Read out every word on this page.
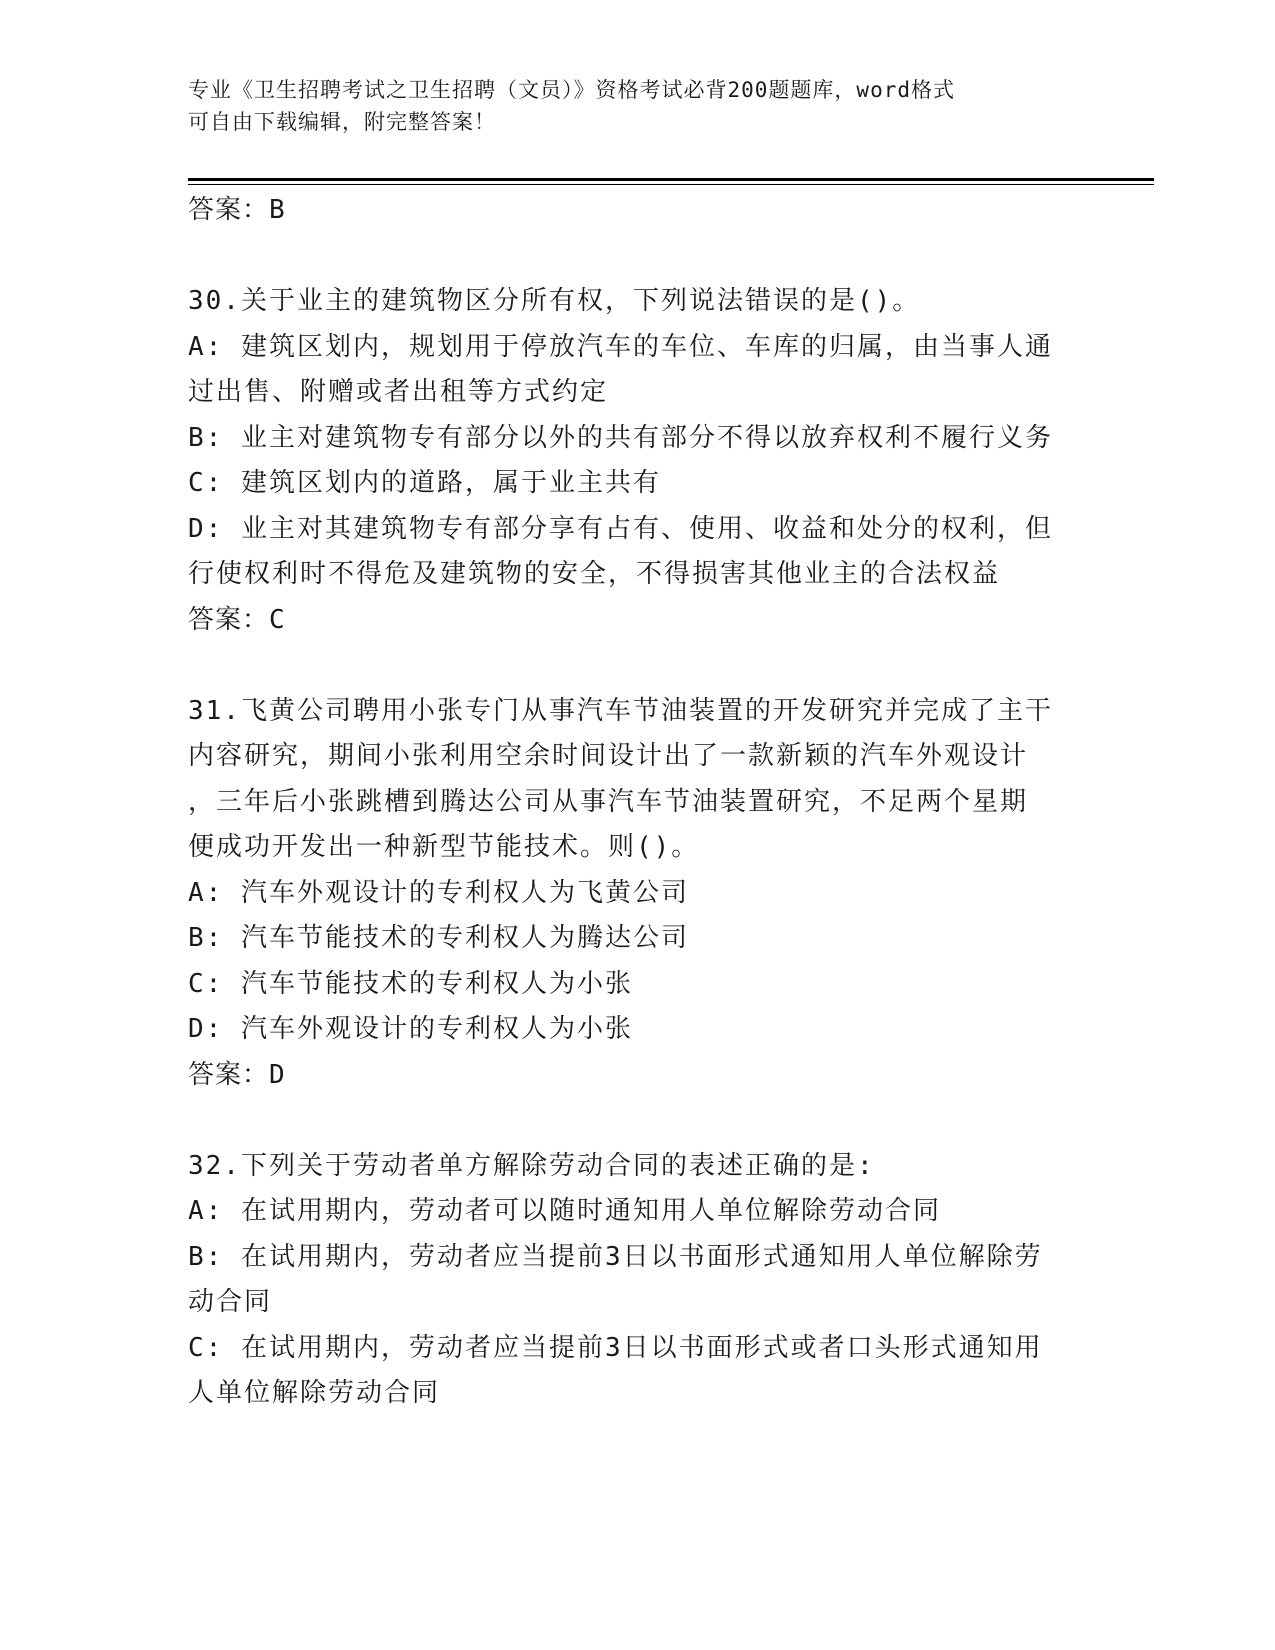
专业《卫生招聘考试之卫生招聘（文员）》资格考试必背200题题库，word格式
可自由下载编辑，附完整答案！
答案：B
30.关于业主的建筑物区分所有权，下列说法错误的是()。
A: 建筑区划内，规划用于停放汽车的车位、车库的归属，由当事人通
过出售、附赠或者出租等方式约定
B: 业主对建筑物专有部分以外的共有部分不得以放弃权利不履行义务
C: 建筑区划内的道路，属于业主共有
D: 业主对其建筑物专有部分享有占有、使用、收益和处分的权利，但
行使权利时不得危及建筑物的安全，不得损害其他业主的合法权益
答案：C
31.飞黄公司聘用小张专门从事汽车节油装置的开发研究并完成了主干
内容研究，期间小张利用空余时间设计出了一款新颖的汽车外观设计
，三年后小张跳槽到腾达公司从事汽车节油装置研究，不足两个星期
便成功开发出一种新型节能技术。则()。
A: 汽车外观设计的专利权人为飞黄公司
B: 汽车节能技术的专利权人为腾达公司
C: 汽车节能技术的专利权人为小张
D: 汽车外观设计的专利权人为小张
答案：D
32.下列关于劳动者单方解除劳动合同的表述正确的是:
A: 在试用期内，劳动者可以随时通知用人单位解除劳动合同
B: 在试用期内，劳动者应当提前3日以书面形式通知用人单位解除劳
动合同
C: 在试用期内，劳动者应当提前3日以书面形式或者口头形式通知用
人单位解除劳动合同
